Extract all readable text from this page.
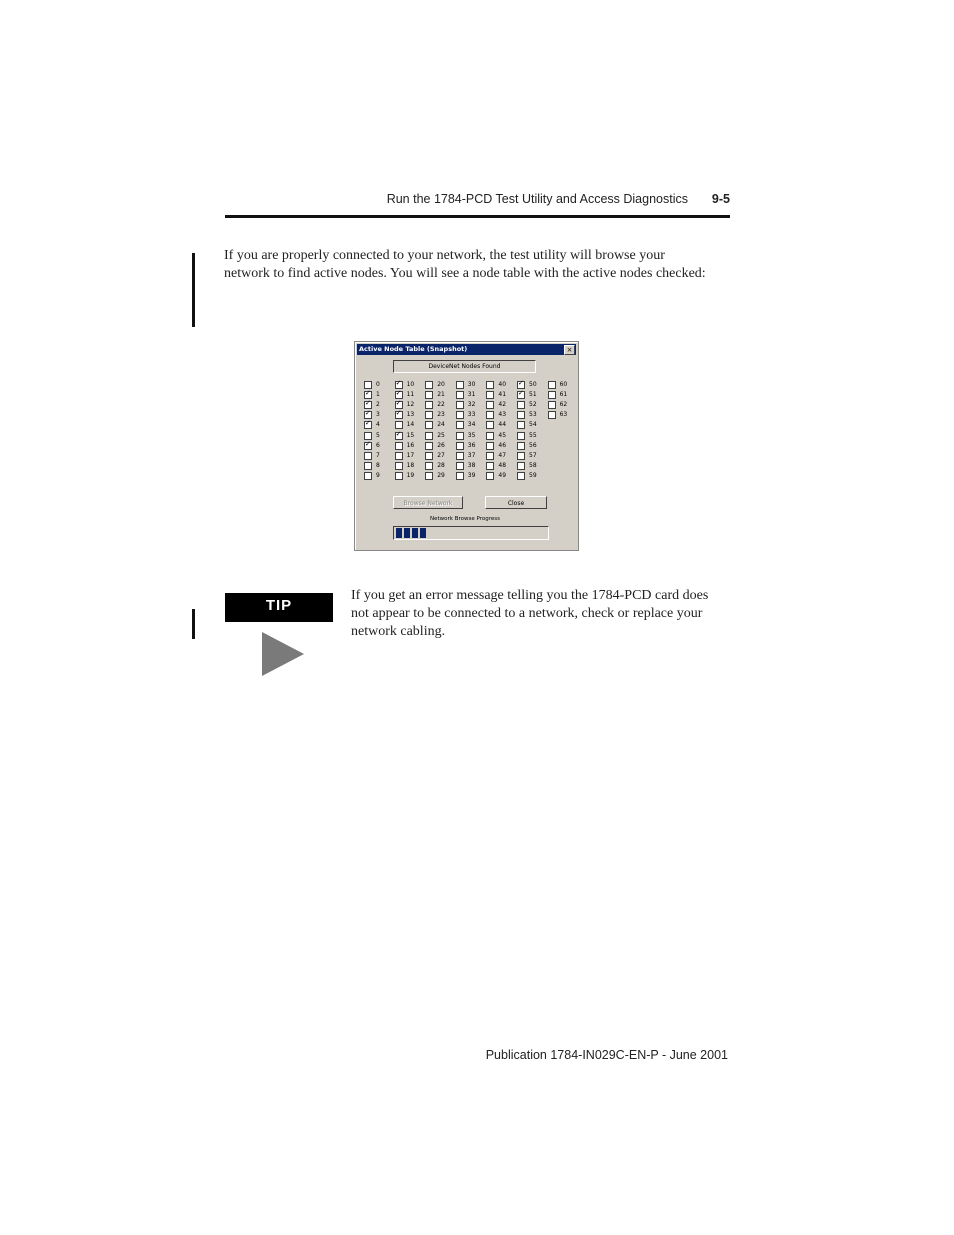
Run the 1784-PCD Test Utility and Access Diagnostics 9-5

If you are properly connected to your network, the test utility will browse your network to find active nodes. You will see a node table with the active nodes checked:

Active Node Table (Snapshot)	×
DeviceNet Nodes Found
0
✓
1
✓
2
✓
3
✓
4
5
✓
6
7
8
9
✓
10
✓
11
✓
12
✓
13
14
✓
15
16
17
18
19
20
21
22
23
24
25
26
27
28
29
30
31
32
33
34
35
36
37
38
39
40
41
42
43
44
45
46
47
48
49
✓
50
✓
51
52
53
54
55
56
57
58
59
60
61
62
63
Browse Network	Close
Network Browse Progress
TIP

If you get an error message telling you the 1784-PCD card does not appear to be connected to a network, check or replace your network cabling.

Publication 1784-IN029C-EN-P - June 2001
